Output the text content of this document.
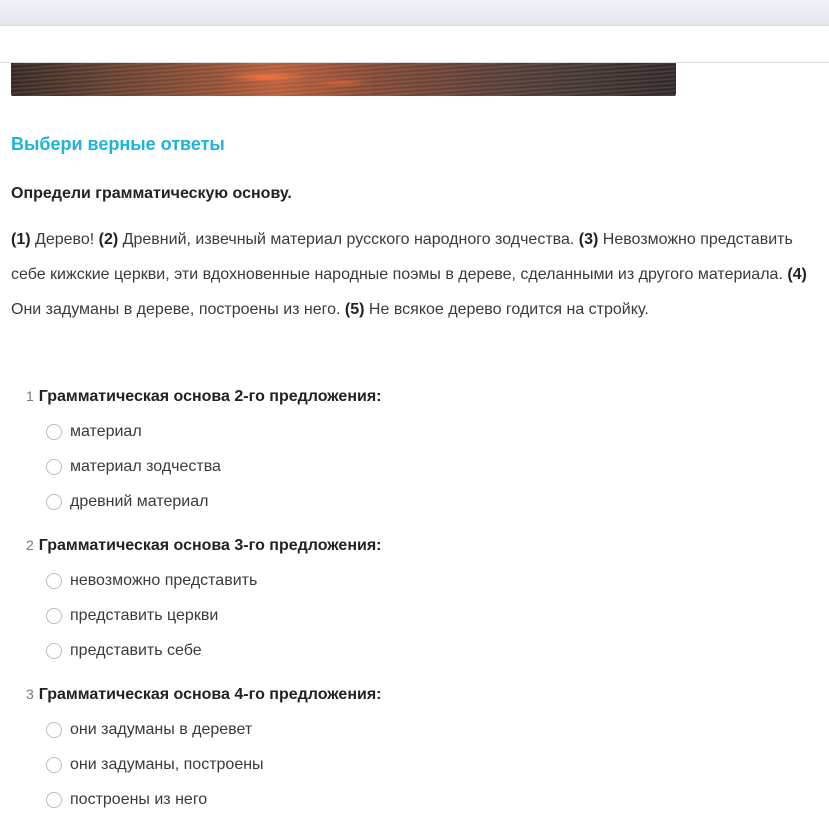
Выбери верные ответы
Определи грамматическую основу.
(1) Дерево! (2) Древний, извечный материал русского народного зодчества. (3) Невозможно представить себе кижские церкви, эти вдохновенные народные поэмы в дереве, сделанными из другого материала. (4) Они задуманы в дереве, построены из него. (5) Не всякое дерево годится на стройку.
1 Грамматическая основа 2-го предложения:
материал
материал зодчества
древний материал
2 Грамматическая основа 3-го предложения:
невозможно представить
представить церкви
представить себе
3 Грамматическая основа 4-го предложения:
они задуманы в деревет
они задуманы, построены
построены из него
